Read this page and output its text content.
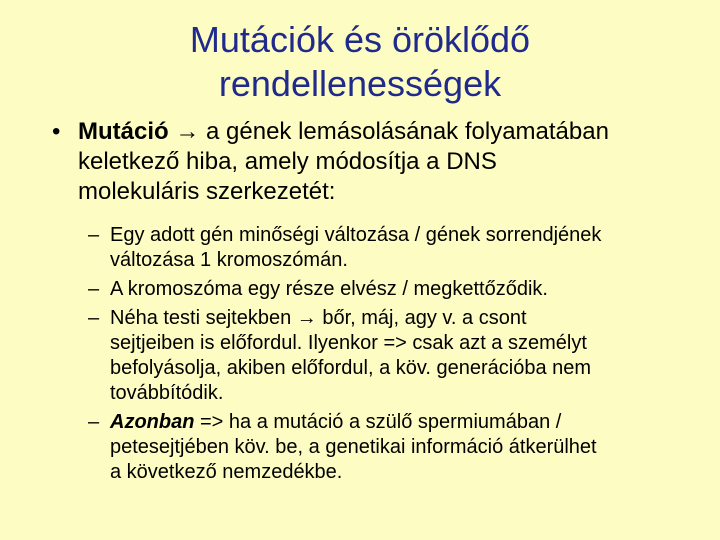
Mutációk és öröklődő
rendellenességek
• Mutáció → a gének lemásolásának folyamatában
keletkező hiba, amely módosítja a DNS
molekuláris szerkezetét:
– Egy adott gén minőségi változása / gének sorrendjének
változása 1 kromoszómán.
– A kromoszóma egy része elvész / megkettőződik.
– Néha testi sejtekben → bőr, máj, agy v. a csont
sejtjeiben is előfordul. Ilyenkor => csak azt a személyt
befolyásolja, akiben előfordul, a köv. generációba nem
továbbítódik.
– Azonban => ha a mutáció a szülő spermiumában /
petesejtjében köv. be, a genetikai információ átkerülhet
a következő nemzedékbe.
